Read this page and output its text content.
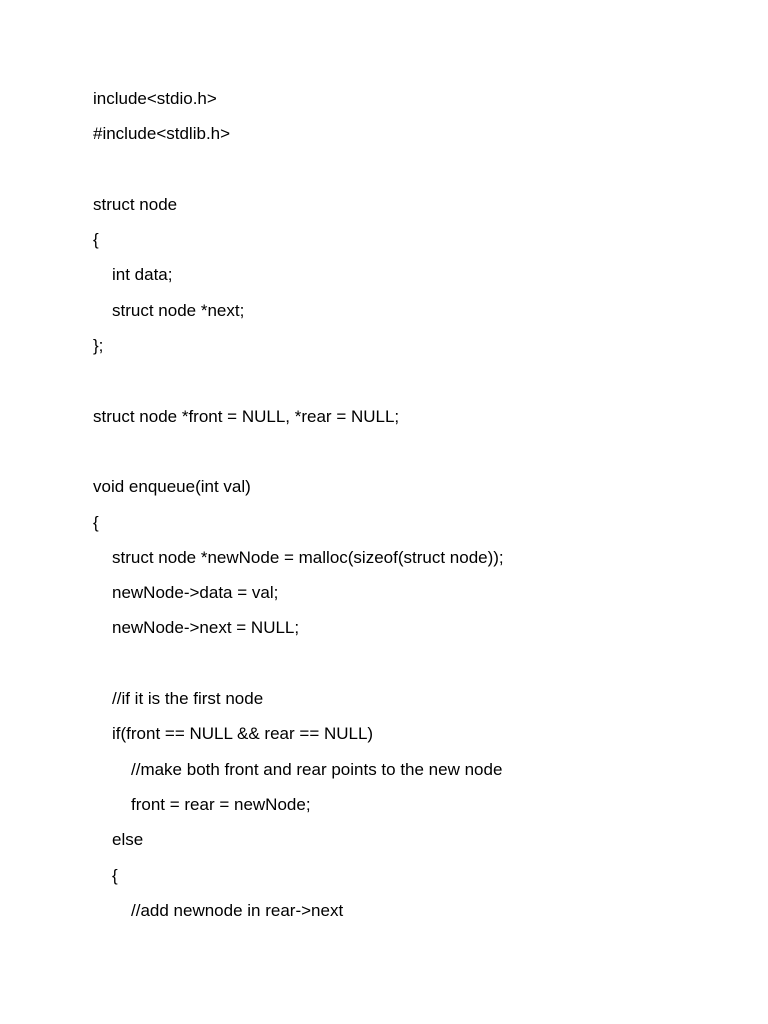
include<stdio.h>
#include<stdlib.h>
struct node
{
int data;
struct node *next;
};
struct node *front = NULL, *rear = NULL;
void enqueue(int val)
{
struct node *newNode = malloc(sizeof(struct node));
newNode->data = val;
newNode->next = NULL;
//if it is the first node
if(front == NULL && rear == NULL)
//make both front and rear points to the new node
front = rear = newNode;
else
{
//add newnode in rear->next
